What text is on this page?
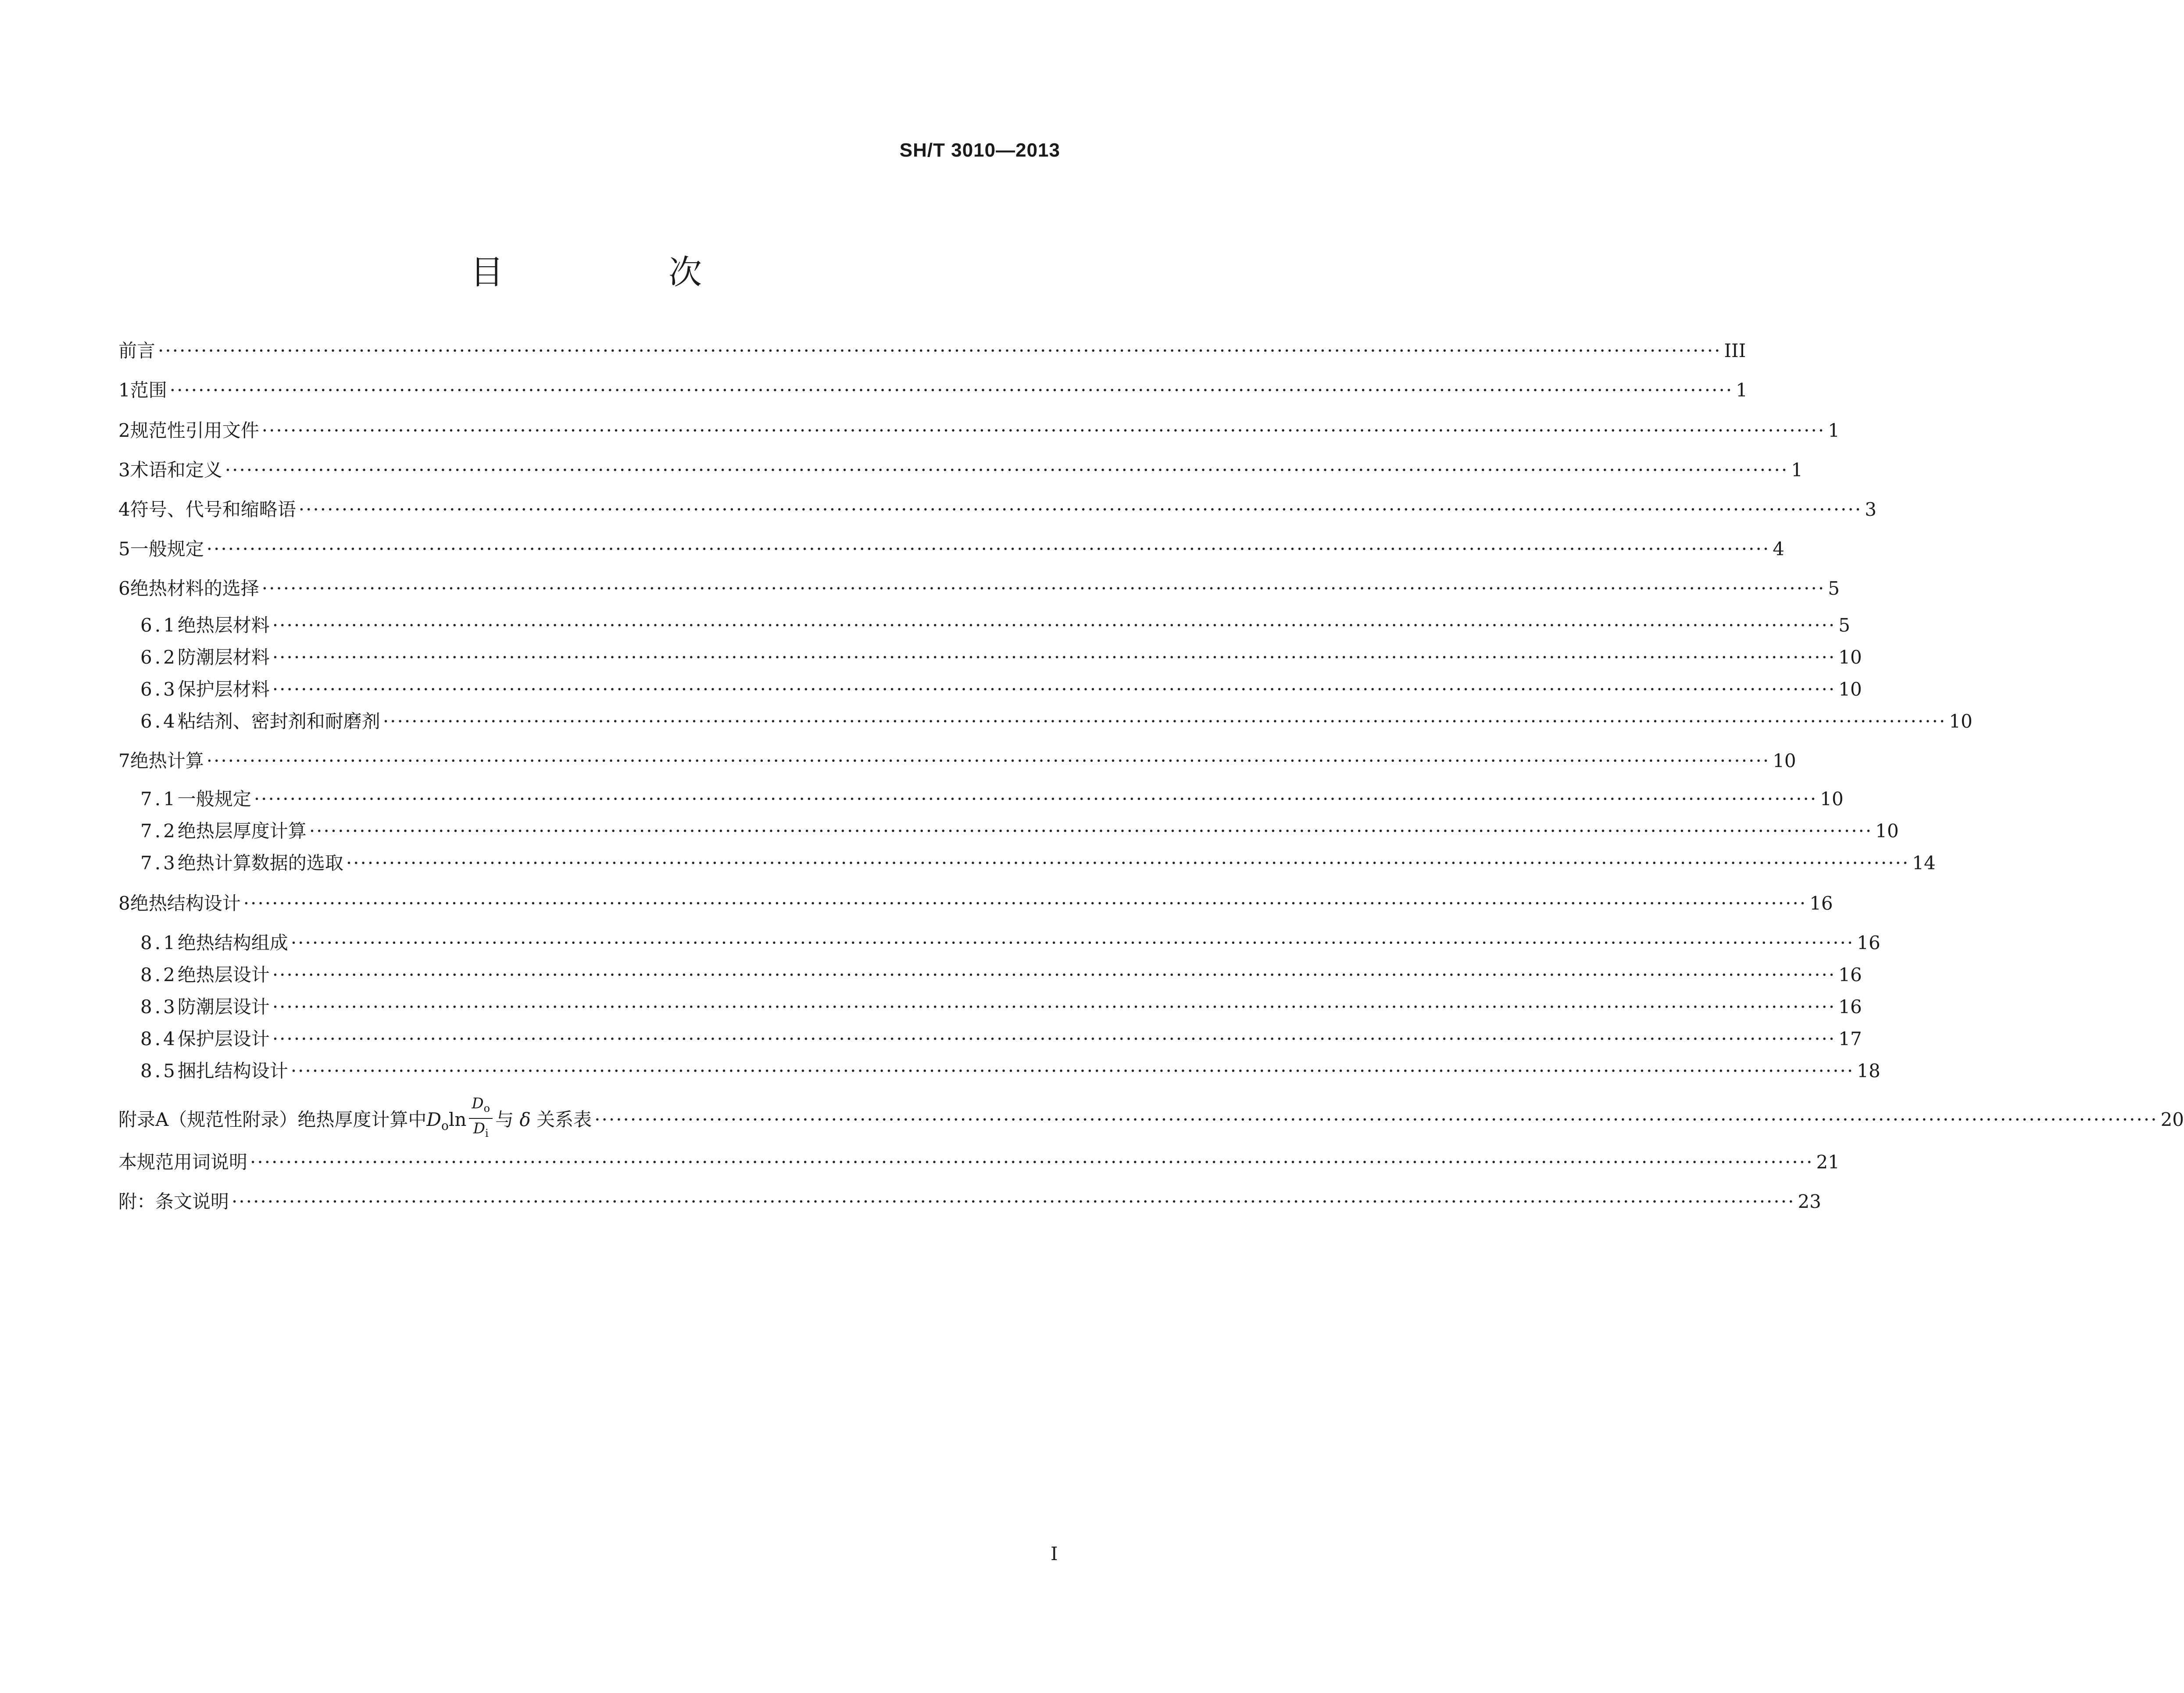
SH/T 3010—2013
目　次
前言 ·························································································································································································································· III
1 范围 ·························································································································································································································· 1
2 规范性引用文件 ·························································································································································································································· 1
3 术语和定义 ·························································································································································································································· 1
4 符号、代号和缩略语 ·························································································································································································································· 3
5 一般规定 ·························································································································································································································· 4
6 绝热材料的选择 ·························································································································································································································· 5
6.1 绝热层材料 ·························································································································································································································· 5
6.2 防潮层材料 ·························································································································································································································· 10
6.3 保护层材料 ·························································································································································································································· 10
6.4 粘结剂、密封剂和耐磨剂 ·························································································································································································································· 10
7 绝热计算 ·························································································································································································································· 10
7.1 一般规定 ·························································································································································································································· 10
7.2 绝热层厚度计算 ·························································································································································································································· 10
7.3 绝热计算数据的选取 ·························································································································································································································· 14
8 绝热结构设计 ·························································································································································································································· 16
8.1 绝热结构组成 ·························································································································································································································· 16
8.2 绝热层设计 ·························································································································································································································· 16
8.3 防潮层设计 ·························································································································································································································· 16
8.4 保护层设计 ·························································································································································································································· 17
8.5 捆扎结构设计 ·························································································································································································································· 18
附录A（规范性附录）绝热厚度计算中$D_o\ln \frac{D_o}{D_i}$ 与 δ 关系表 ·························································································································································································································· 20
本规范用词说明 ·························································································································································································································· 21
附：条文说明 ·························································································································································································································· 23
I
